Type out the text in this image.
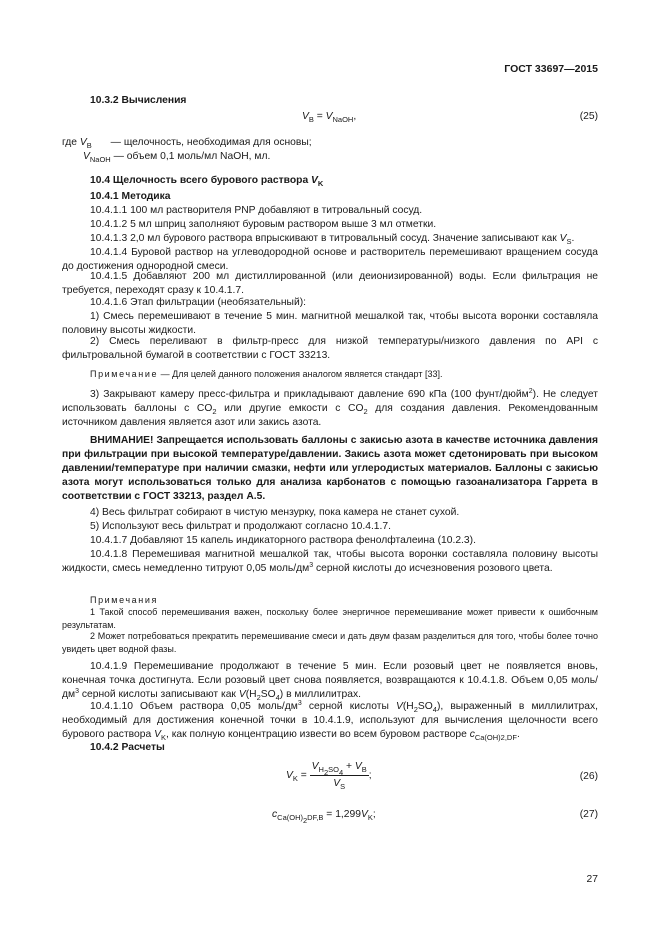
ГОСТ 33697—2015
10.3.2 Вычисления
$V_B = V_{NaOH}$,	(25)
где $V_B$ — щелочность, необходимая для основы;
$V_{NaOH}$ — объем 0,1 моль/мл NaOH, мл.
10.4 Щелочность всего бурового раствора $V_K$
10.4.1 Методика
10.4.1.1 100 мл растворителя PNP добавляют в титровальный сосуд.
10.4.1.2 5 мл шприц заполняют буровым раствором выше 3 мл отметки.
10.4.1.3 2,0 мл бурового раствора впрыскивают в титровальный сосуд. Значение записывают как $V_S$.
10.4.1.4 Буровой раствор на углеводородной основе и растворитель перемешивают вращением сосуда до достижения однородной смеси.
10.4.1.5 Добавляют 200 мл дистиллированной (или деионизированной) воды. Если фильтрация не требуется, переходят сразу к 10.4.1.7.
10.4.1.6 Этап фильтрации (необязательный):
1) Смесь перемешивают в течение 5 мин. магнитной мешалкой так, чтобы высота воронки составляла половину высоты жидкости.
2) Смесь переливают в фильтр-пресс для низкой температуры/низкого давления по API с фильтровальной бумагой в соответствии с ГОСТ 33213.
Примечание — Для целей данного положения аналогом является стандарт [33].
3) Закрывают камеру пресс-фильтра и прикладывают давление 690 кПа (100 фунт/дюйм$^2$). Не следует использовать баллоны с $CO_2$ или другие емкости с $CO_2$ для создания давления. Рекомендованным источником давления является азот или закись азота.
ВНИМАНИЕ! Запрещается использовать баллоны с закисью азота в качестве источника давления при фильтрации при высокой температуре/давлении. Закись азота может сдетонировать при высоком давлении/температуре при наличии смазки, нефти или углеродистых материалов. Баллоны с закисью азота могут использоваться только для анализа карбонатов с помощью газоанализатора Гаррета в соответствии с ГОСТ 33213, раздел А.5.
4) Весь фильтрат собирают в чистую мензурку, пока камера не станет сухой.
5) Используют весь фильтрат и продолжают согласно 10.4.1.7.
10.4.1.7 Добавляют 15 капель индикаторного раствора фенолфталеина (10.2.3).
10.4.1.8 Перемешивая магнитной мешалкой так, чтобы высота воронки составляла половину высоты жидкости, смесь немедленно титруют 0,05 моль/$дм^3$ серной кислоты до исчезновения розового цвета.
Примечания
1 Такой способ перемешивания важен, поскольку более энергичное перемешивание может привести к ошибочным результатам.
2 Может потребоваться прекратить перемешивание смеси и дать двум фазам разделиться для того, чтобы более точно увидеть цвет водной фазы.
10.4.1.9 Перемешивание продолжают в течение 5 мин. Если розовый цвет не появляется вновь, конечная точка достигнута. Если розовый цвет снова появляется, возвращаются к 10.4.1.8. Объем 0,05 моль/$дм^3$ серной кислоты записывают как $V(H_2SO_4)$ в миллилитрах.
10.4.1.10 Объем раствора 0,05 моль/$дм^3$ серной кислоты $V(H_2SO_4)$, выраженный в миллилитрах, необходимый для достижения конечной точки в 10.4.1.9, используют для вычисления щелочности всего бурового раствора $V_K$, как полную концентрацию извести во всем буровом растворе $c_{Ca(OH)2,DF}$.
10.4.2 Расчеты
$V_K = \frac{V_{H_2SO_4} + V_B}{V_S}$ ;	(26)
$c_{Ca(OH)_2DF,B} = 1,299V_K$;	(27)
27
